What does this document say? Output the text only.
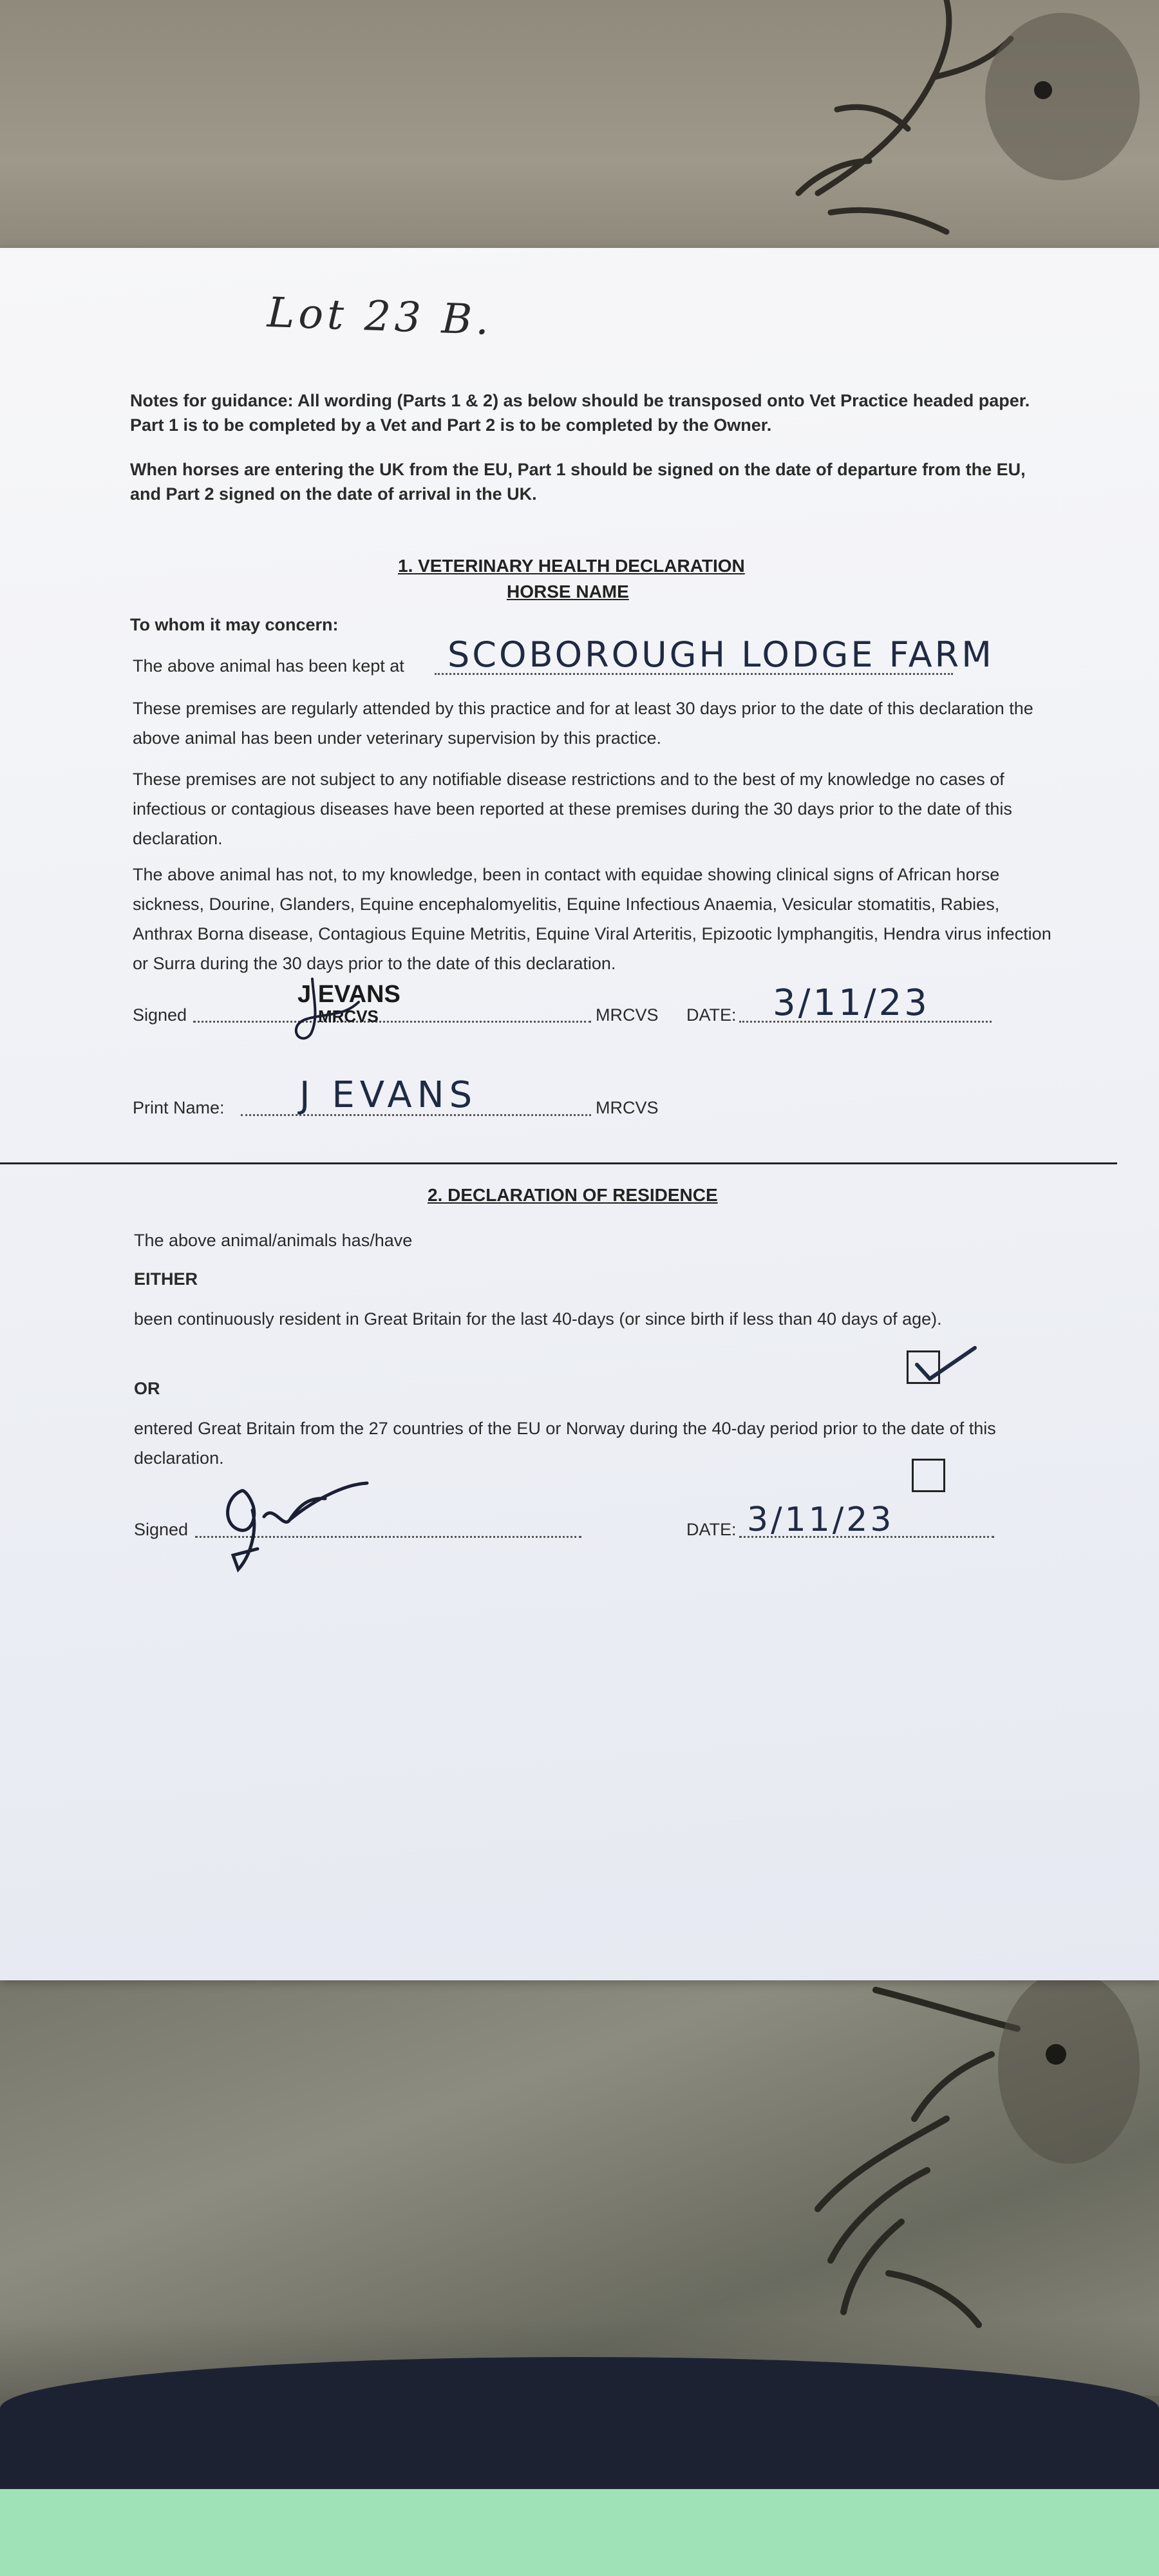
Lot 23 B.
Notes for guidance: All wording (Parts 1 & 2) as below should be transposed onto Vet Practice headed paper. Part 1 is to be completed by a Vet and Part 2 is to be completed by the Owner.
When horses are entering the UK from the EU, Part 1 should be signed on the date of departure from the EU, and Part 2 signed on the date of arrival in the UK.
1. VETERINARY HEALTH DECLARATION
HORSE NAME
To whom it may concern:
The above animal has been kept at SCOBOROUGH LODGE FARM
These premises are regularly attended by this practice and for at least 30 days prior to the date of this declaration the above animal has been under veterinary supervision by this practice.
These premises are not subject to any notifiable disease restrictions and to the best of my knowledge no cases of infectious or contagious diseases have been reported at these premises during the 30 days prior to the date of this declaration.
The above animal has not, to my knowledge, been in contact with equidae showing clinical signs of African horse sickness, Dourine, Glanders, Equine encephalomyelitis, Equine Infectious Anaemia, Vesicular stomatitis, Rabies, Anthrax Borna disease, Contagious Equine Metritis, Equine Viral Arteritis, Epizootic lymphangitis, Hendra virus infection or Surra during the 30 days prior to the date of this declaration.
Signed
J EVANS
MRCVS	MRCVS DATE: 3/11/23
Print Name: J EVANS	MRCVS
2. DECLARATION OF RESIDENCE
The above animal/animals has/have
EITHER
been continuously resident in Great Britain for the last 40-days (or since birth if less than 40 days of age).
OR
entered Great Britain from the 27 countries of the EU or Norway during the 40-day period prior to the date of this declaration.
Signed	DATE: 3/11/23
